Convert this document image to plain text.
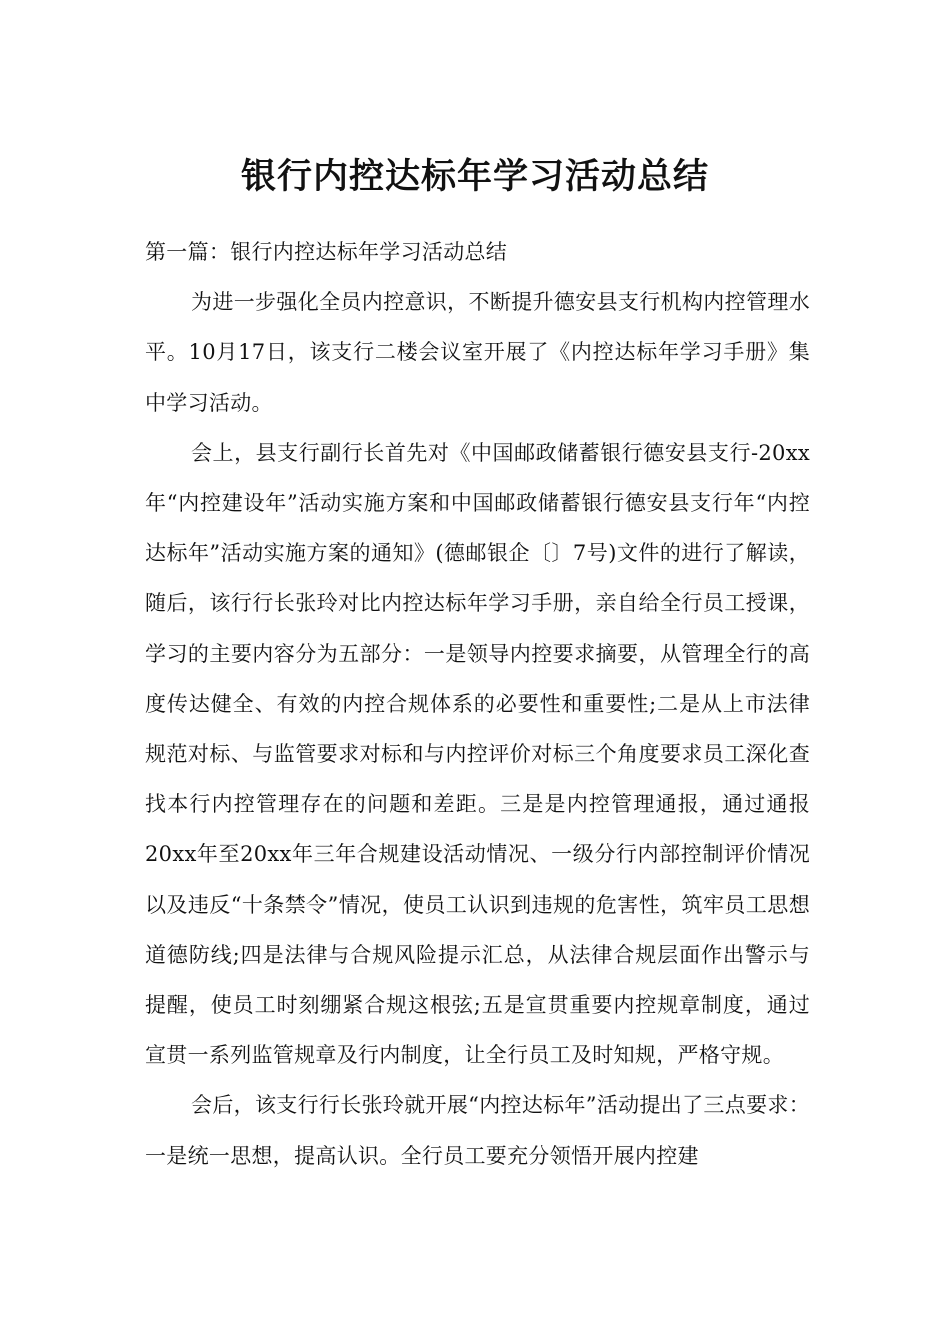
银行内控达标年学习活动总结

第一篇：银行内控达标年学习活动总结

为进一步强化全员内控意识，不断提升德安县支行机构内控管理水平。10月17日，该支行二楼会议室开展了《内控达标年学习手册》集中学习活动。

会上，县支行副行长首先对《中国邮政储蓄银行德安县支行-20xx年“内控建设年”活动实施方案和中国邮政储蓄银行德安县支行年“内控达标年”活动实施方案的通知》(德邮银企〔〕7号)文件的进行了解读，随后，该行行长张玲对比内控达标年学习手册，亲自给全行员工授课，学习的主要内容分为五部分：一是领导内控要求摘要，从管理全行的高度传达健全、有效的内控合规体系的必要性和重要性;二是从上市法律规范对标、与监管要求对标和与内控评价对标三个角度要求员工深化查找本行内控管理存在的问题和差距。三是是内控管理通报，通过通报20xx年至20xx年三年合规建设活动情况、一级分行内部控制评价情况以及违反“十条禁令”情况，使员工认识到违规的危害性，筑牢员工思想道德防线;四是法律与合规风险提示汇总，从法律合规层面作出警示与提醒，使员工时刻绷紧合规这根弦;五是宣贯重要内控规章制度，通过宣贯一系列监管规章及行内制度，让全行员工及时知规，严格守规。

会后，该支行行长张玲就开展“内控达标年”活动提出了三点要求：一是统一思想，提高认识。全行员工要充分领悟开展内控建
